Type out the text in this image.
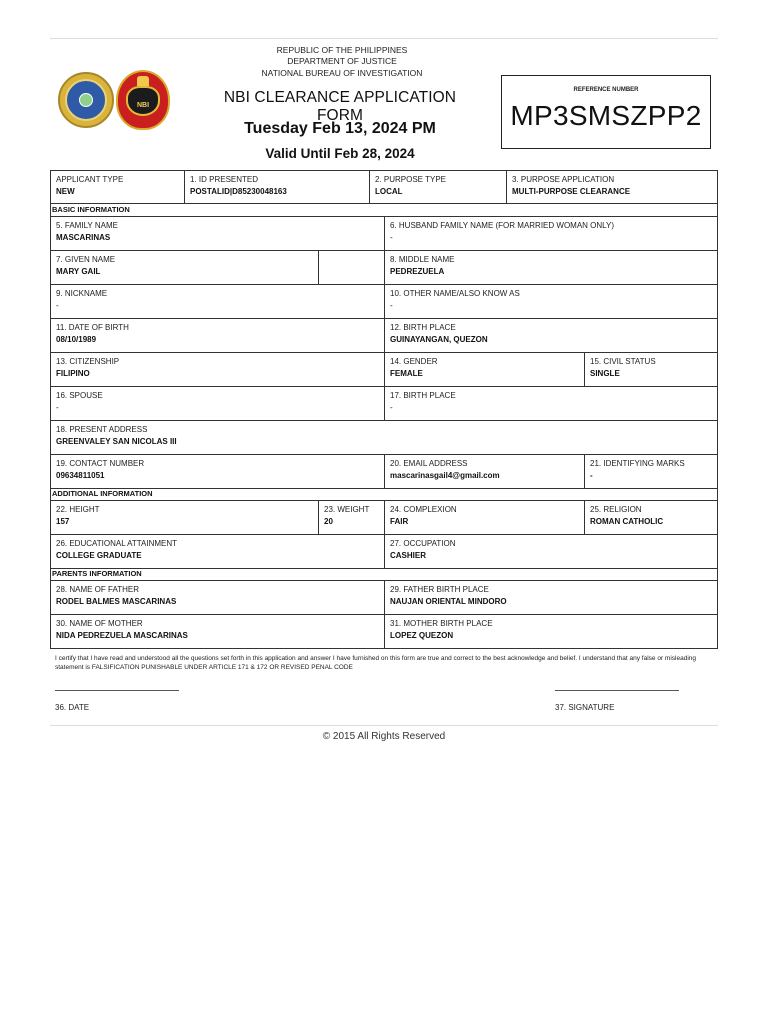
REPUBLIC OF THE PHILIPPINES
DEPARTMENT OF JUSTICE
NATIONAL BUREAU OF INVESTIGATION
NBI	NBI CLEARANCE APPLICATION FORM
Tuesday Feb 13, 2024 PM
Valid Until Feb 28, 2024
REFERENCE NUMBER
MP3SMSZPP2
APPLICANT TYPE
NEW
1. ID PRESENTED
POSTALID|D85230048163
2. PURPOSE TYPE
LOCAL
3. PURPOSE APPLICATION
MULTI-PURPOSE CLEARANCE
BASIC INFORMATION
5. FAMILY NAME
MASCARINAS
6. HUSBAND FAMILY NAME (FOR MARRIED WOMAN ONLY)
-
7. GIVEN NAME
MARY GAIL
8. MIDDLE NAME
PEDREZUELA
9. NICKNAME
-
10. OTHER NAME/ALSO KNOW AS
-
11. DATE OF BIRTH
08/10/1989
12. BIRTH PLACE
GUINAYANGAN, QUEZON
13. CITIZENSHIP
FILIPINO
14. GENDER
FEMALE
15. CIVIL STATUS
SINGLE
16. SPOUSE
-
17. BIRTH PLACE
-
18. PRESENT ADDRESS
GREENVALEY SAN NICOLAS III
19. CONTACT NUMBER
09634811051
20. EMAIL ADDRESS
mascarinasgail4@gmail.com
21. IDENTIFYING MARKS
-
ADDITIONAL INFORMATION
22. HEIGHT
157
23. WEIGHT
20
24. COMPLEXION
FAIR
25. RELIGION
ROMAN CATHOLIC
26. EDUCATIONAL ATTAINMENT
COLLEGE GRADUATE
27. OCCUPATION
CASHIER
PARENTS INFORMATION
28. NAME OF FATHER
RODEL BALMES MASCARINAS
29. FATHER BIRTH PLACE
NAUJAN ORIENTAL MINDORO
30. NAME OF MOTHER
NIDA PEDREZUELA MASCARINAS
31. MOTHER BIRTH PLACE
LOPEZ QUEZON
I certify that I have read and understood all the questions set forth in this application and answer I have furnished on this form are true and correct to the best acknowledge and belief. I understand that any false or misleading statement is FALSIFICATION PUNISHABLE UNDER ARTICLE 171 & 172 OR REVISED PENAL CODE
36. DATE	37. SIGNATURE
© 2015 All Rights Reserved
